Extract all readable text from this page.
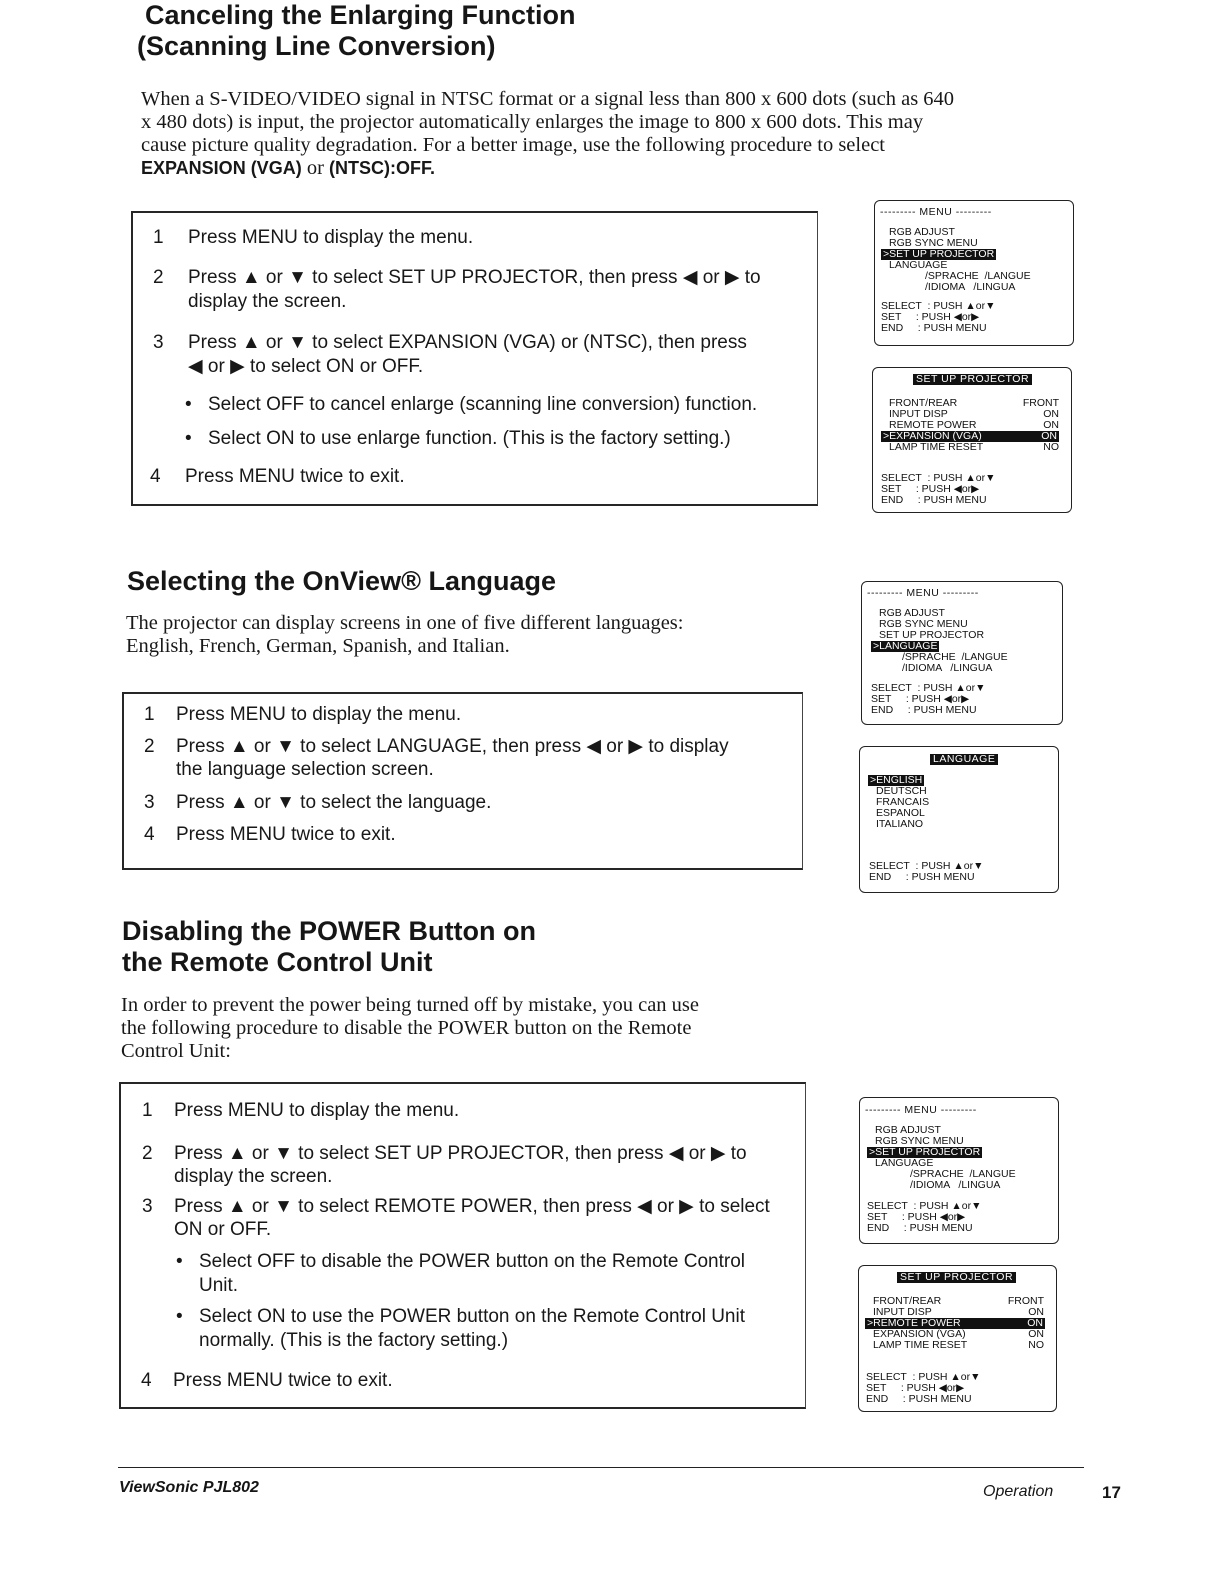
Canceling the Enlarging Function
(Scanning Line Conversion)
When a S-VIDEO/VIDEO signal in NTSC format or a signal less than 800 x 600 dots (such as 640
x 480 dots) is input, the projector automatically enlarges the image to 800 x 600 dots. This may
cause picture quality degradation. For a better image, use the following procedure to select
EXPANSION (VGA) or (NTSC):OFF.
1	Press MENU to display the menu.
2	Press ▲ or ▼ to select SET UP PROJECTOR, then press ◀ or ▶ to
display the screen.
3	Press ▲ or ▼ to select EXPANSION (VGA) or (NTSC), then press
◀ or ▶ to select ON or OFF.
• Select OFF to cancel enlarge (scanning line conversion) function.
• Select ON to use enlarge function. (This is the factory setting.)
4	Press MENU twice to exit.
--------- MENU ---------
RGB ADJUST
RGB SYNC MENU
>SET UP PROJECTOR
LANGUAGE
/SPRACHE  /LANGUE
/IDIOMA   /LINGUA
SELECT  : PUSH ▲or▼
SET     : PUSH ◀or▶
END     : PUSH MENU
SET UP PROJECTOR
FRONT/REAR	FRONT
INPUT DISP	ON
REMOTE POWER	ON
>EXPANSION (VGA)	ON
LAMP TIME RESET	NO
SELECT  : PUSH ▲or▼
SET     : PUSH ◀or▶
END     : PUSH MENU
Selecting the OnView® Language
The projector can display screens in one of five different languages:
English, French, German, Spanish, and Italian.
1	Press MENU to display the menu.
2	Press ▲ or ▼ to select LANGUAGE, then press ◀ or ▶ to display
the language selection screen.
3	Press ▲ or ▼ to select the language.
4	Press MENU twice to exit.
--------- MENU ---------
RGB ADJUST
RGB SYNC MENU
SET UP PROJECTOR
>LANGUAGE
/SPRACHE  /LANGUE
/IDIOMA   /LINGUA
SELECT  : PUSH ▲or▼
SET     : PUSH ◀or▶
END     : PUSH MENU
LANGUAGE
>ENGLISH
DEUTSCH
FRANCAIS
ESPANOL
ITALIANO
SELECT  : PUSH ▲or▼
END     : PUSH MENU
Disabling the POWER Button on
the Remote Control Unit
In order to prevent the power being turned off by mistake, you can use
the following procedure to disable the POWER button on the Remote
Control Unit:
1	Press MENU to display the menu.
2	Press ▲ or ▼ to select SET UP PROJECTOR, then press ◀ or ▶ to
display the screen.
3	Press ▲ or ▼ to select REMOTE POWER, then press ◀ or ▶ to select
ON or OFF.
• Select OFF to disable the POWER button on the Remote Control
Unit.
• Select ON to use the POWER button on the Remote Control Unit
normally. (This is the factory setting.)
4	Press MENU twice to exit.
--------- MENU ---------
RGB ADJUST
RGB SYNC MENU
>SET UP PROJECTOR
LANGUAGE
/SPRACHE  /LANGUE
/IDIOMA   /LINGUA
SELECT  : PUSH ▲or▼
SET     : PUSH ◀or▶
END     : PUSH MENU
SET UP PROJECTOR
FRONT/REAR	FRONT
INPUT DISP	ON
>REMOTE POWER	ON
EXPANSION (VGA)	ON
LAMP TIME RESET	NO
SELECT  : PUSH ▲or▼
SET     : PUSH ◀or▶
END     : PUSH MENU
ViewSonic PJL802	Operation	17
